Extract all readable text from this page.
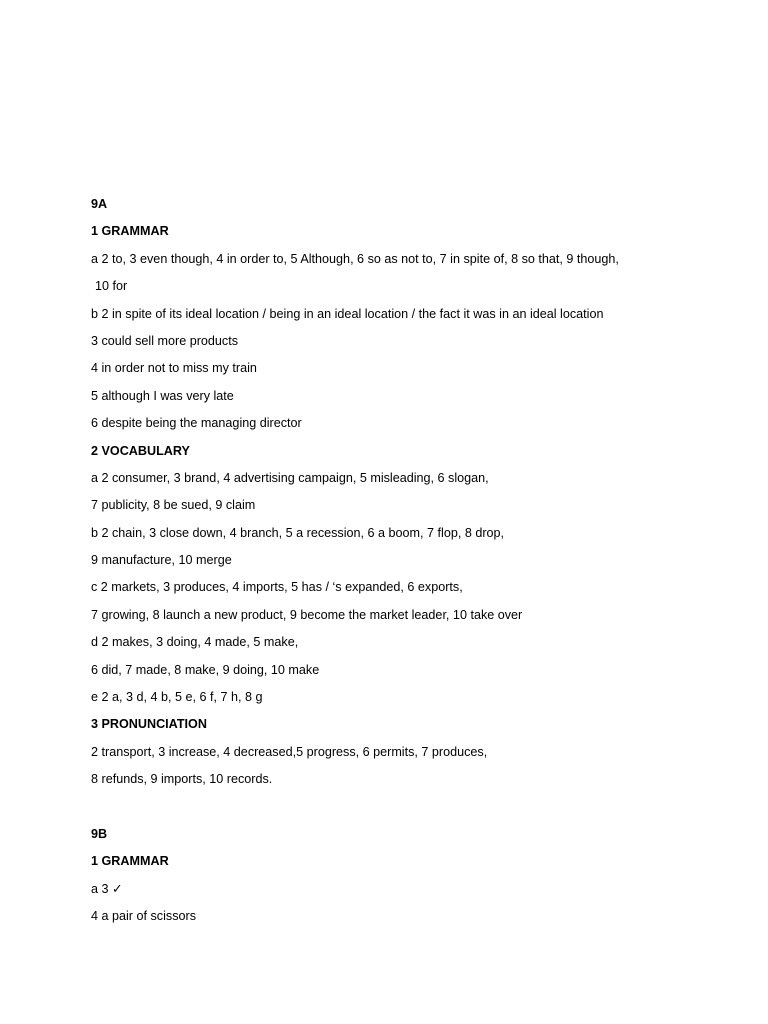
9A
1 GRAMMAR
a 2 to, 3 even though, 4 in order to, 5 Although, 6 so as not to, 7 in spite of, 8 so that, 9 though,
10 for
b 2 in spite of its ideal location / being in an ideal location / the fact it was in an ideal location
3 could sell more products
4 in order not to miss my train
5 although I was very late
6 despite being the managing director
2 VOCABULARY
a 2 consumer, 3 brand, 4 advertising campaign, 5 misleading, 6 slogan,
7 publicity, 8 be sued, 9 claim
b 2 chain, 3 close down, 4 branch, 5 a recession, 6 a boom, 7 flop, 8 drop,
9 manufacture, 10 merge
c 2 markets, 3 produces, 4 imports, 5 has / ‘s expanded, 6 exports,
7 growing, 8 launch a new product, 9 become the market leader, 10 take over
d 2 makes, 3 doing, 4 made, 5 make,
6 did, 7 made, 8 make, 9 doing, 10 make
e 2 a, 3 d, 4 b, 5 e, 6 f, 7 h, 8 g
3 PRONUNCIATION
2 transport, 3 increase, 4 decreased,5 progress, 6 permits, 7 produces,
8 refunds, 9 imports, 10 records.
9B
1 GRAMMAR
a 3 ✓
4 a pair of scissors
